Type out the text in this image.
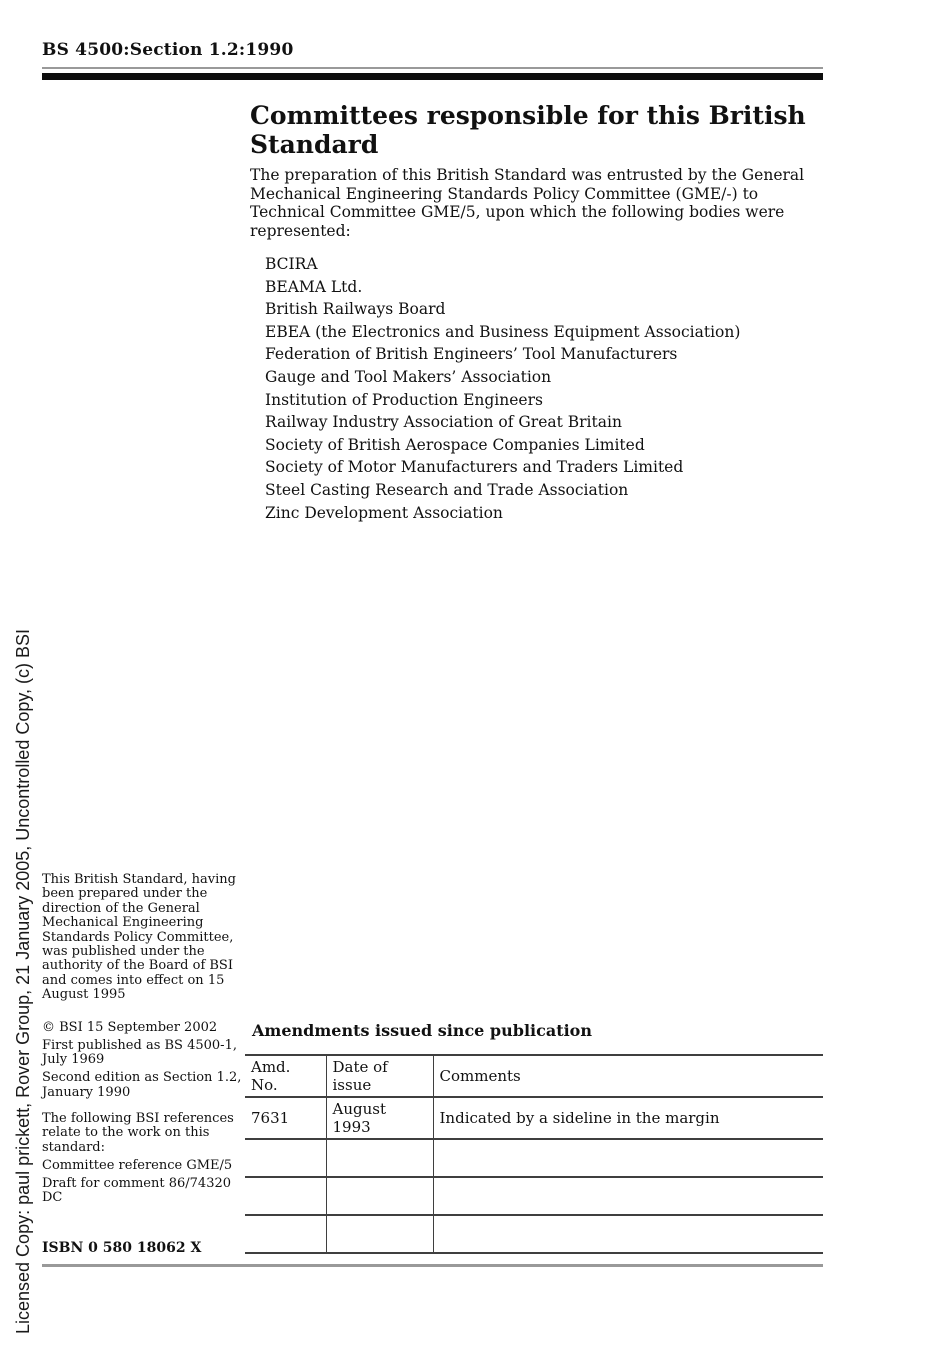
BS 4500:Section 1.2:1990
Licensed Copy: paul prickett, Rover Group, 21 January 2005, Uncontrolled Copy, (c) BSI
Committees responsible for this British Standard

The preparation of this British Standard was entrusted by the General Mechanical Engineering Standards Policy Committee (GME/-) to Technical Committee GME/5, upon which the following bodies were represented:

BCIRA
BEAMA Ltd.
British Railways Board
EBEA (the Electronics and Business Equipment Association)
Federation of British Engineers’ Tool Manufacturers
Gauge and Tool Makers’ Association
Institution of Production Engineers
Railway Industry Association of Great Britain
Society of British Aerospace Companies Limited
Society of Motor Manufacturers and Traders Limited
Steel Casting Research and Trade Association
Zinc Development Association
This British Standard, having been prepared under the direction of the General Mechanical Engineering Standards Policy Committee, was published under the authority of the Board of BSI and comes into effect on 15 August 1995

© BSI 15 September 2002

First published as BS 4500-1, July 1969

Second edition as Section 1.2, January 1990

The following BSI references relate to the work on this standard:

Committee reference GME/5

Draft for comment 86/74320 DC

Amendments issued since publication
Amd. No.	Date of issue	Comments
7631	August 1993	Indicated by a sideline in the margin

ISBN 0 580 18062 X
